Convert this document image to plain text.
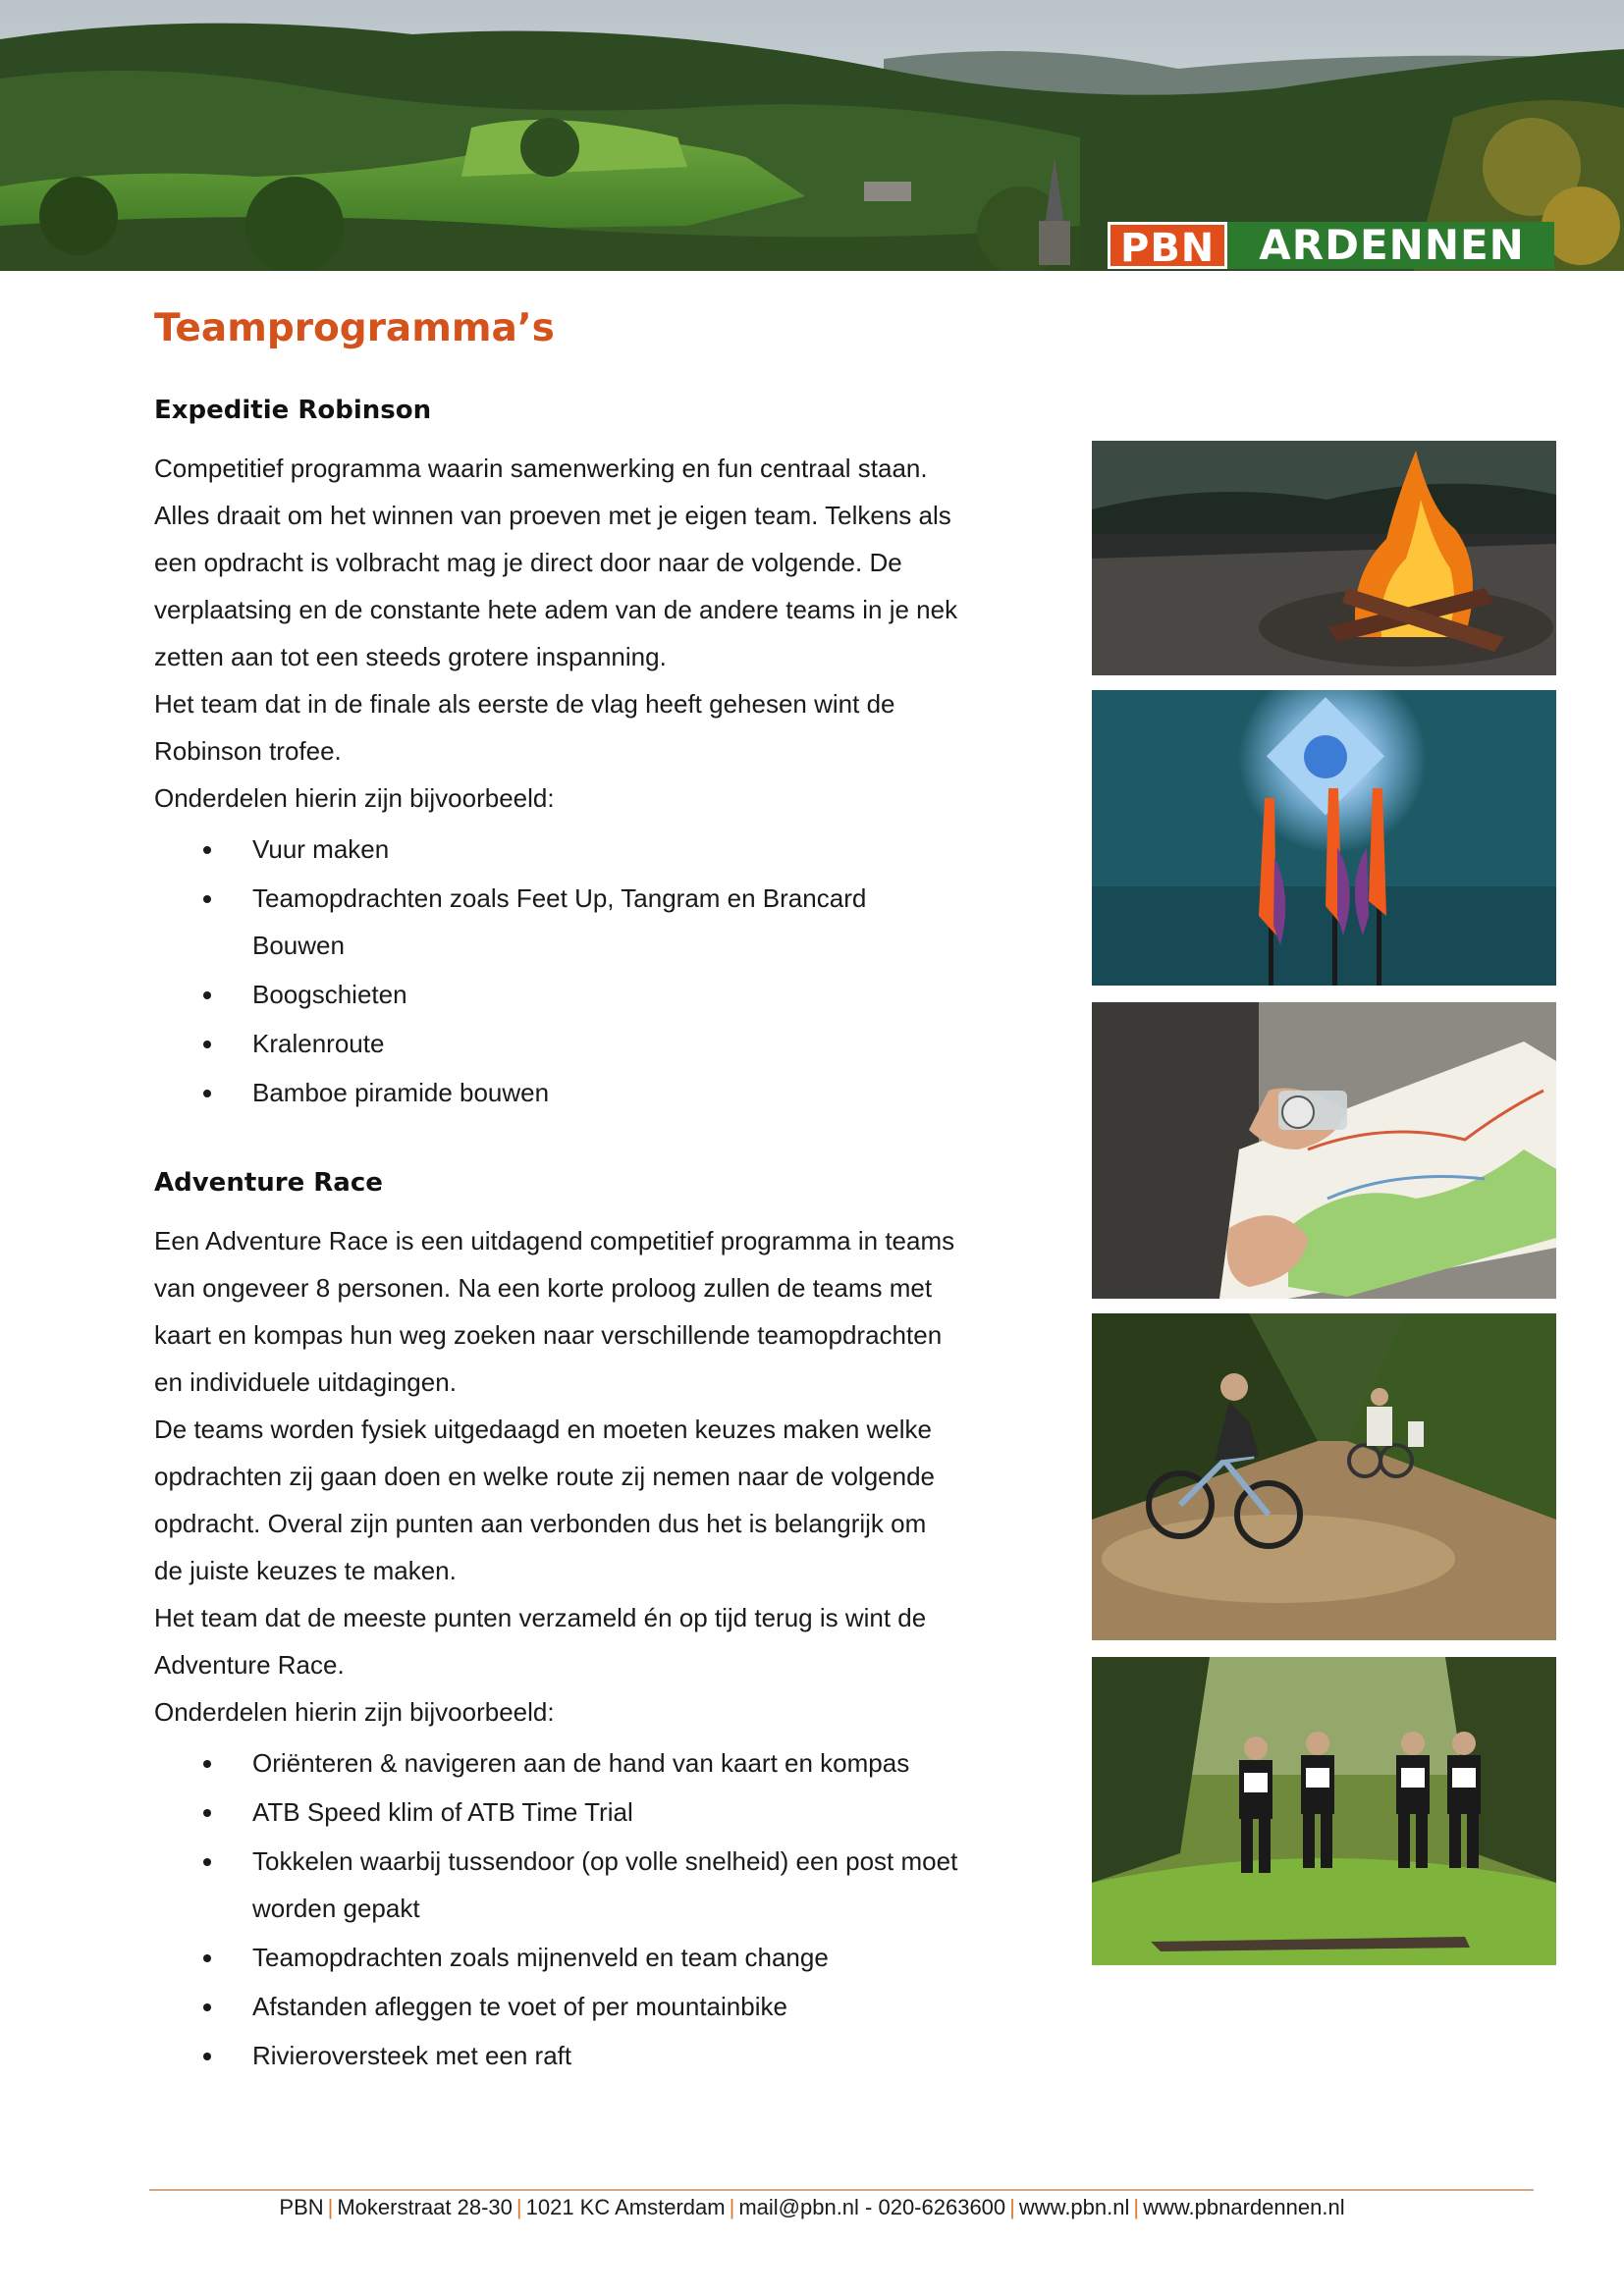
PBN	ARDENNEN
Teamprogramma’s
Expeditie Robinson

Competitief programma waarin samenwerking en fun centraal staan.

Alles draait om het winnen van proeven met je eigen team. Telkens als

een opdracht is volbracht mag je direct door naar de volgende. De

verplaatsing en de constante hete adem van de andere teams in je nek

zetten aan tot een steeds grotere inspanning.

Het team dat in de finale als eerste de vlag heeft gehesen wint de

Robinson trofee.

Onderdelen hierin zijn bijvoorbeeld:

Vuur maken
Teamopdrachten zoals Feet Up, Tangram en Brancard
Bouwen
Boogschieten
Kralenroute
Bamboe piramide bouwen
Adventure Race

Een Adventure Race is een uitdagend competitief programma in teams

van ongeveer 8 personen. Na een korte proloog zullen de teams met

kaart en kompas hun weg zoeken naar verschillende teamopdrachten

en individuele uitdagingen.

De teams worden fysiek uitgedaagd en moeten keuzes maken welke

opdrachten zij gaan doen en welke route zij nemen naar de volgende

opdracht. Overal zijn punten aan verbonden dus het is belangrijk om

de juiste keuzes te maken.

Het team dat de meeste punten verzameld én op tijd terug is wint de

Adventure Race.

Onderdelen hierin zijn bijvoorbeeld:

Oriënteren & navigeren aan de hand van kaart en kompas
ATB Speed klim of ATB Time Trial
Tokkelen waarbij tussendoor (op volle snelheid) een post moet
worden gepakt
Teamopdrachten zoals mijnenveld en team change
Afstanden afleggen te voet of per mountainbike
Rivieroversteek met een raft
PBN | Mokerstraat 28-30 | 1021 KC Amsterdam | mail@pbn.nl - 020-6263600 | www.pbn.nl | www.pbnardennen.nl
